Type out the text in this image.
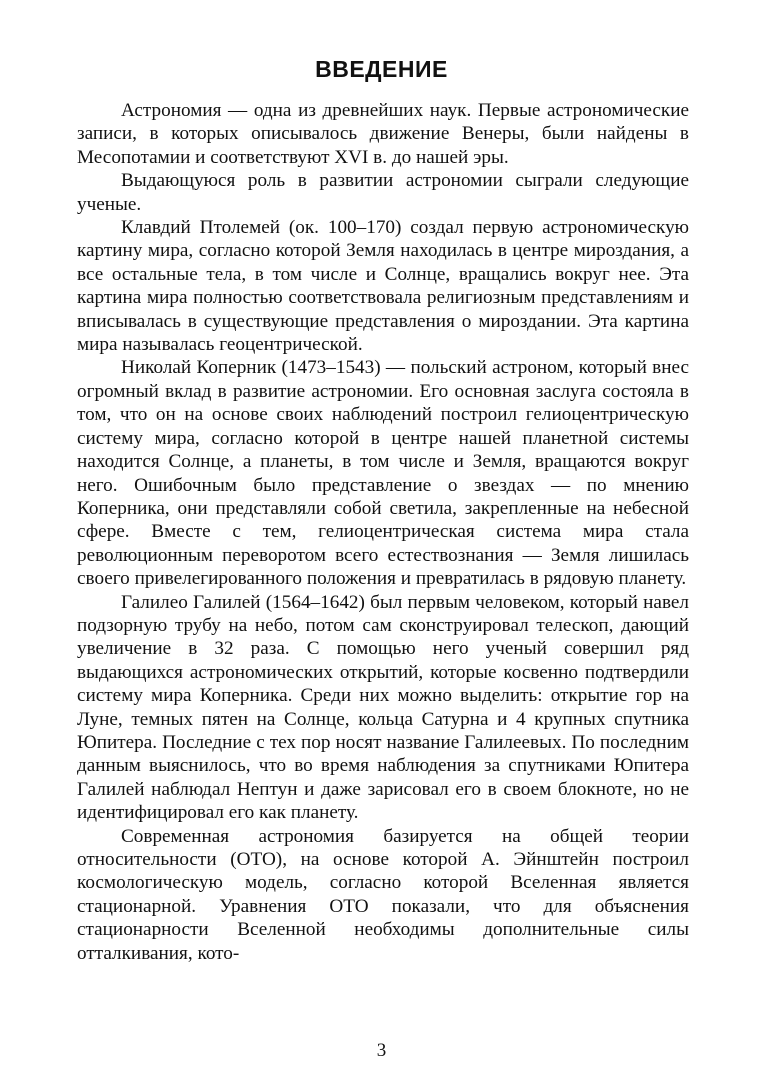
ВВЕДЕНИЕ

Астрономия — одна из древнейших наук. Первые астрономические записи, в которых описывалось движение Венеры, были найдены в Месопотамии и соответствуют XVI в. до нашей эры.

Выдающуюся роль в развитии астрономии сыграли следующие ученые.

Клавдий Птолемей (ок. 100–170) создал первую астрономическую картину мира, согласно которой Земля находилась в центре мироздания, а все остальные тела, в том числе и Солнце, вращались вокруг нее. Эта картина мира полностью соответствовала религиозным представлениям и вписывалась в существующие представления о мироздании. Эта картина мира называлась геоцентрической.

Николай Коперник (1473–1543) — польский астроном, который внес огромный вклад в развитие астрономии. Его основная заслуга состояла в том, что он на основе своих наблюдений построил гелиоцентрическую систему мира, согласно которой в центре нашей планетной системы находится Солнце, а планеты, в том числе и Земля, вращаются вокруг него. Ошибочным было представление о звездах — по мнению Коперника, они представляли собой светила, закрепленные на небесной сфере. Вместе с тем, гелиоцентрическая система мира стала революционным переворотом всего естествознания — Земля лишилась своего привелегированного положения и превратилась в рядовую планету.

Галилео Галилей (1564–1642) был первым человеком, который навел подзорную трубу на небо, потом сам сконструировал телескоп, дающий увеличение в 32 раза. С помощью него ученый совершил ряд выдающихся астрономических открытий, которые косвенно подтвердили систему мира Коперника. Среди них можно выделить: открытие гор на Луне, темных пятен на Солнце, кольца Сатурна и 4 крупных спутника Юпитера. Последние с тех пор носят название Галилеевых. По последним данным выяснилось, что во время наблюдения за спутниками Юпитера Галилей наблюдал Нептун и даже зарисовал его в своем блокноте, но не идентифицировал его как планету.

Современная астрономия базируется на общей теории относительности (ОТО), на основе которой А. Эйнштейн построил космологическую модель, согласно которой Вселенная является стационарной. Уравнения ОТО показали, что для объяснения стационарности Вселенной необходимы дополнительные силы отталкивания, кото-

3
